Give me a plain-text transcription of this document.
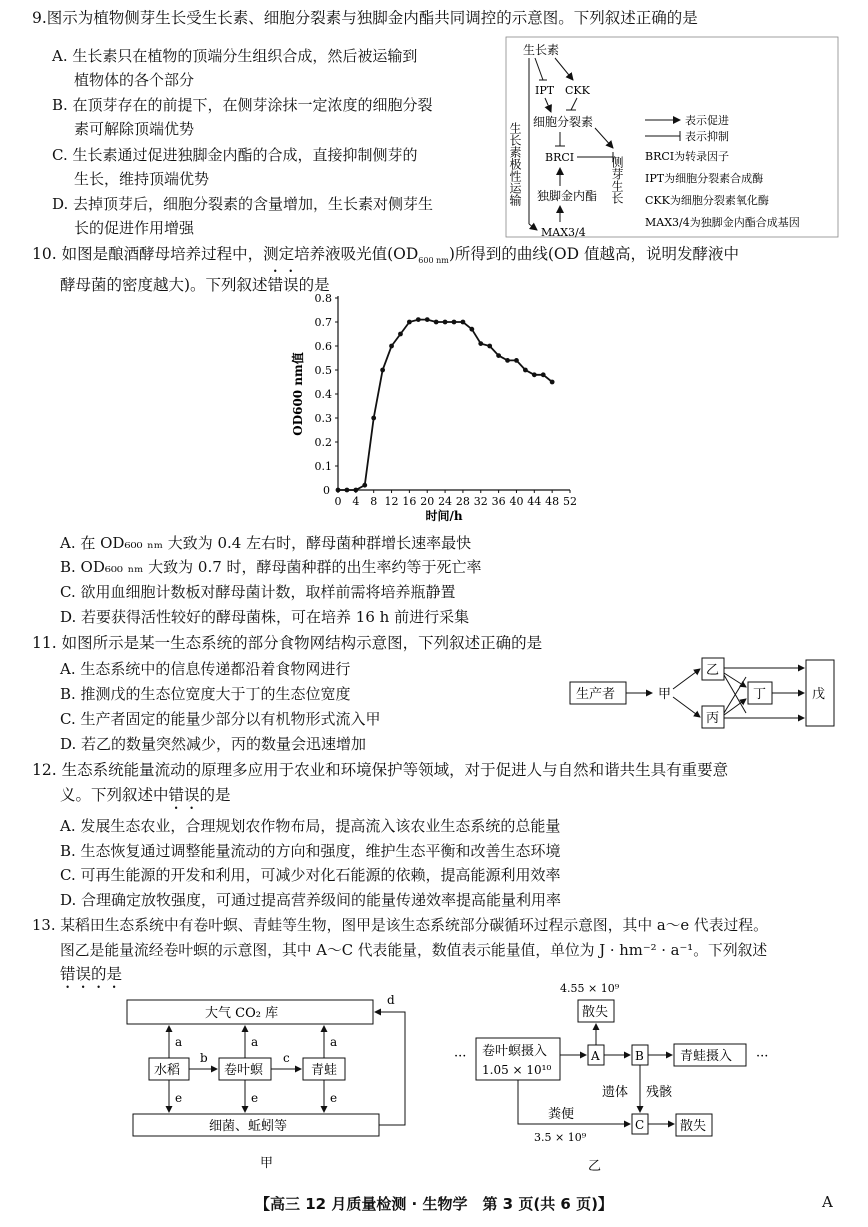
9.图示为植物侧芽生长受生长素、细胞分裂素与独脚金内酯共同调控的示意图。下列叙述正确的是
A. 生长素只在植物的顶端分生组织合成，然后被运输到
植物体的各个部分
B. 在顶芽存在的前提下，在侧芽涂抹一定浓度的细胞分裂
素可解除顶端优势
C. 生长素通过促进独脚金内酯的合成，直接抑制侧芽的
生长，维持顶端优势
D. 去掉顶芽后，细胞分裂素的含量增加，生长素对侧芽生
长的促进作用增强
生长素
IPT CKK
细胞分裂素
BRCI
独脚金内酯
MAX3/4
生长素极性运输	侧芽生长
表示促进
表示抑制
BRCI为转录因子
IPT为细胞分裂素合成酶
CKK为细胞分裂素氧化酶
MAX3/4为独脚金内酯合成基因
10. 如图是酿酒酵母培养过程中，测定培养液吸光值$(OD_{600 nm})$所得到的曲线(OD 值越高，说明发酵液中
酵母菌的密度越大)。下列叙述错误的是
0 4 8 12 16 20 24 28 32 36 40 44 48 52
0
0.1
0.2
0.3
0.4
0.5
0.6
0.7
0.8
时间/h
OD600 nm值
A. 在 OD₆₀₀ ₙₘ 大致为 0.4 左右时，酵母菌种群增长速率最快
B. OD₆₀₀ ₙₘ 大致为 0.7 时，酵母菌种群的出生率约等于死亡率
C. 欲用血细胞计数板对酵母菌计数，取样前需将培养瓶静置
D. 若要获得活性较好的酵母菌株，可在培养 16 h 前进行采集
11. 如图所示是某一生态系统的部分食物网结构示意图，下列叙述正确的是
A. 生态系统中的信息传递都沿着食物网进行
B. 推测戊的生态位宽度大于丁的生态位宽度
C. 生产者固定的能量少部分以有机物形式流入甲
D. 若乙的数量突然减少，丙的数量会迅速增加
生产者	甲
乙
丙
丁	戊
12. 生态系统能量流动的原理多应用于农业和环境保护等领域，对于促进人与自然和谐共生具有重要意
义。下列叙述中错误的是
A. 发展生态农业，合理规划农作物布局，提高流入该农业生态系统的总能量
B. 生态恢复通过调整能量流动的方向和强度，维护生态平衡和改善生态环境
C. 可再生能源的开发和利用，可减少对化石能源的依赖，提高能源利用效率
D. 合理确定放牧强度，可通过提高营养级间的能量传递效率提高能量利用率
13. 某稻田生态系统中有卷叶螟、青蛙等生物，图甲是该生态系统部分碳循环过程示意图，其中 a～e 代表过程。
图乙是能量流经卷叶螟的示意图，其中 A～C 代表能量，数值表示能量值，单位为 J · hm⁻² · a⁻¹。下列叙述
错误的是
大气 CO₂ 库
水稻	卷叶螟	青蛙
细菌、蚯蚓等
a	a	a
b	c
e	e	e
d
甲
4.55 × 10⁹
散失
··· 卷叶螟摄入
1.05 × 10¹⁰
A	B	青蛙摄入 ···
遗体 残骸
粪便
3.5 × 10⁹
C	散失
乙
【高三 12 月质量检测 · 生物学　第 3 页(共 6 页)】	A
